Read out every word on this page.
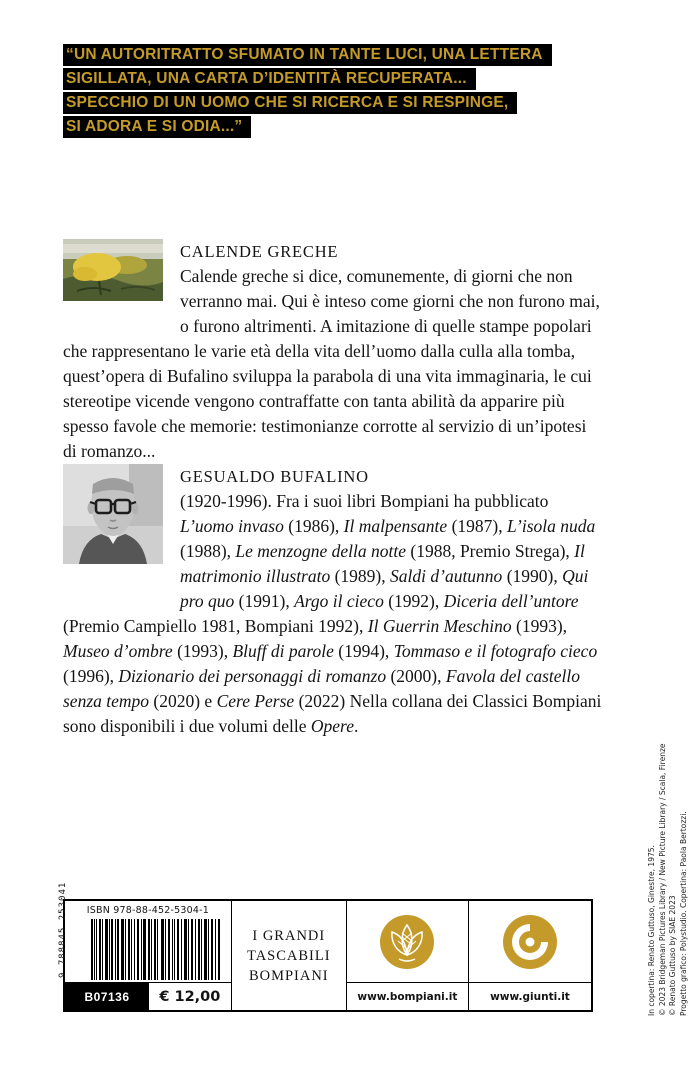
“UN AUTORITRATTO SFUMATO IN TANTE LUCI, UNA LETTERA
SIGILLATA, UNA CARTA D’IDENTITÀ RECUPERATA...
SPECCHIO DI UN UOMO CHE SI RICERCA E SI RESPINGE,
SI ADORA E SI ODIA...”
CALENDE GRECHE

Calende greche si dice, comunemente, di giorni che non verranno mai. Qui è inteso come giorni che non furono mai, o furono altrimenti. A imitazione di quelle stampe popolari che rappresentano le varie età della vita dell’uomo dalla culla alla tomba, quest’opera di Bufalino sviluppa la parabola di una vita immaginaria, le cui stereotipe vicende vengono contraffatte con tanta abilità da apparire più spesso favole che memorie: testimonianze corrotte al servizio di un’ipotesi di romanzo...

GESUALDO BUFALINO

(1920-1996). Fra i suoi libri Bompiani ha pubblicato L’uomo invaso (1986), Il malpensante (1987), L’isola nuda (1988), Le menzogne della notte (1988, Premio Strega), Il matrimonio illustrato (1989), Saldi d’autunno (1990), Qui pro quo (1991), Argo il cieco (1992), Diceria dell’untore (Premio Campiello 1981, Bompiani 1992), Il Guerrin Meschino (1993), Museo d’ombre (1993), Bluff di parole (1994), Tommaso e il fotografo cieco (1996), Dizionario dei personaggi di romanzo (2000), Favola del castello senza tempo (2020) e Cere Perse (2022) Nella collana dei Classici Bompiani sono disponibili i due volumi delle Opere.

In copertina: Renato Guttuso, Ginestre, 1975. © 2023 Bridgeman Pictures Library / New Picture Library / Scala, Firenze © Renato Guttuso by SIAE 2023 Progetto grafico: Polystudio. Copertina: Paola Bertozzi.
ISBN 978-88-452-5304-1
9 788845 253041
B07136	€ 12,00
I GRANDI
TASCABILI
BOMPIANI
www.bompiani.it	www.giunti.it
